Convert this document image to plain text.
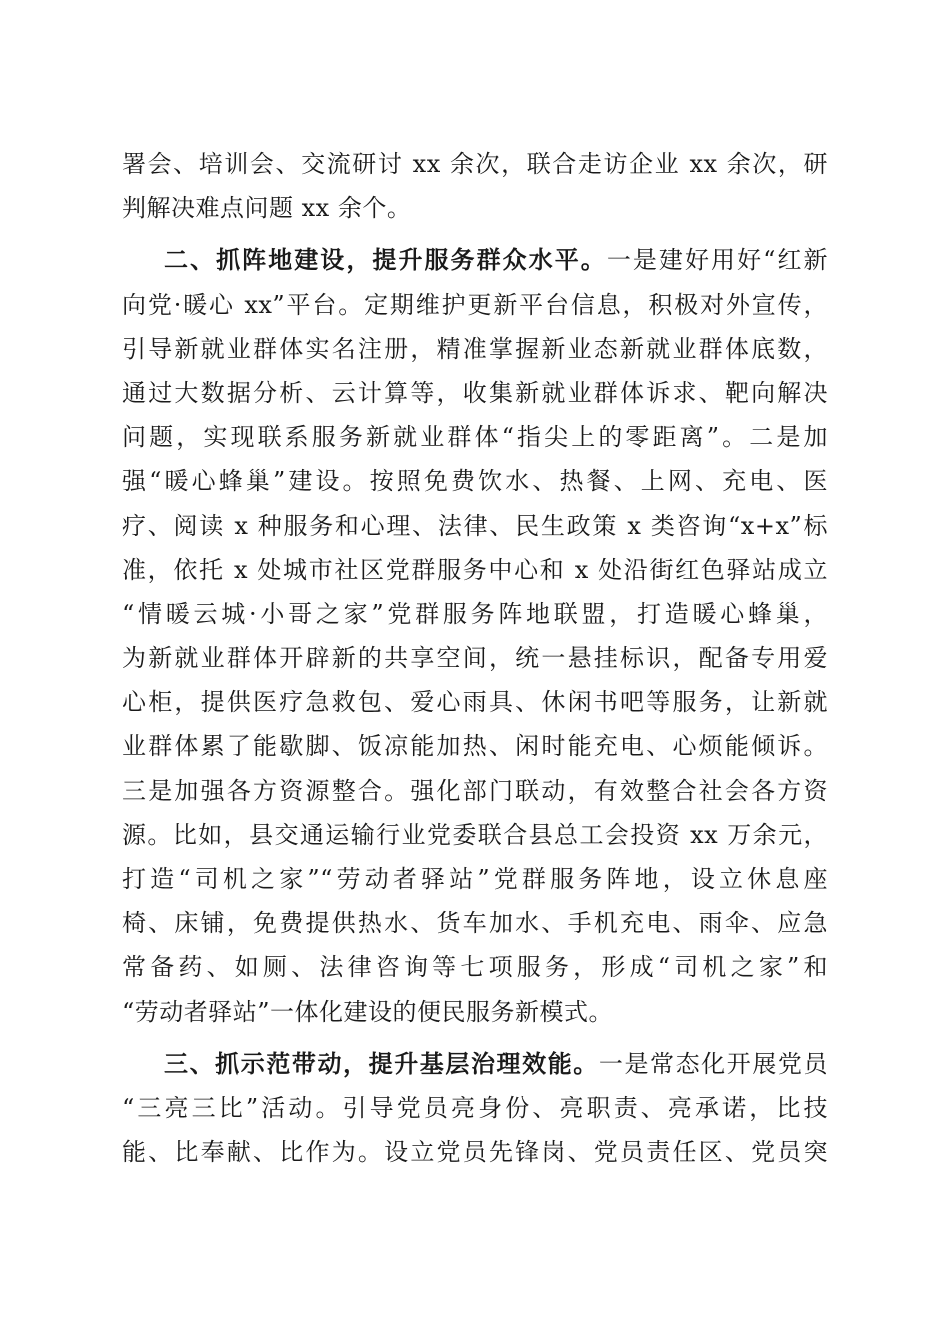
署会、培训会、交流研讨 xx 余次，联合走访企业 xx 余次，研
判解决难点问题 xx 余个。
二、抓阵地建设，提升服务群众水平。一是建好用好“红新
向党·暖心 xx”平台。定期维护更新平台信息，积极对外宣传，
引导新就业群体实名注册，精准掌握新业态新就业群体底数，
通过大数据分析、云计算等，收集新就业群体诉求、靶向解决
问题，实现联系服务新就业群体“指尖上的零距离”。二是加
强“暖心蜂巢”建设。按照免费饮水、热餐、上网、充电、医
疗、阅读 x 种服务和心理、法律、民生政策 x 类咨询“x+x”标
准，依托 x 处城市社区党群服务中心和 x 处沿街红色驿站成立
“情暖云城·小哥之家”党群服务阵地联盟，打造暖心蜂巢，
为新就业群体开辟新的共享空间，统一悬挂标识，配备专用爱
心柜，提供医疗急救包、爱心雨具、休闲书吧等服务，让新就
业群体累了能歇脚、饭凉能加热、闲时能充电、心烦能倾诉。
三是加强各方资源整合。强化部门联动，有效整合社会各方资
源。比如，县交通运输行业党委联合县总工会投资 xx 万余元，
打造“司机之家”“劳动者驿站”党群服务阵地，设立休息座
椅、床铺，免费提供热水、货车加水、手机充电、雨伞、应急
常备药、如厕、法律咨询等七项服务，形成“司机之家”和
“劳动者驿站”一体化建设的便民服务新模式。
三、抓示范带动，提升基层治理效能。一是常态化开展党员
“三亮三比”活动。引导党员亮身份、亮职责、亮承诺，比技
能、比奉献、比作为。设立党员先锋岗、党员责任区、党员突
